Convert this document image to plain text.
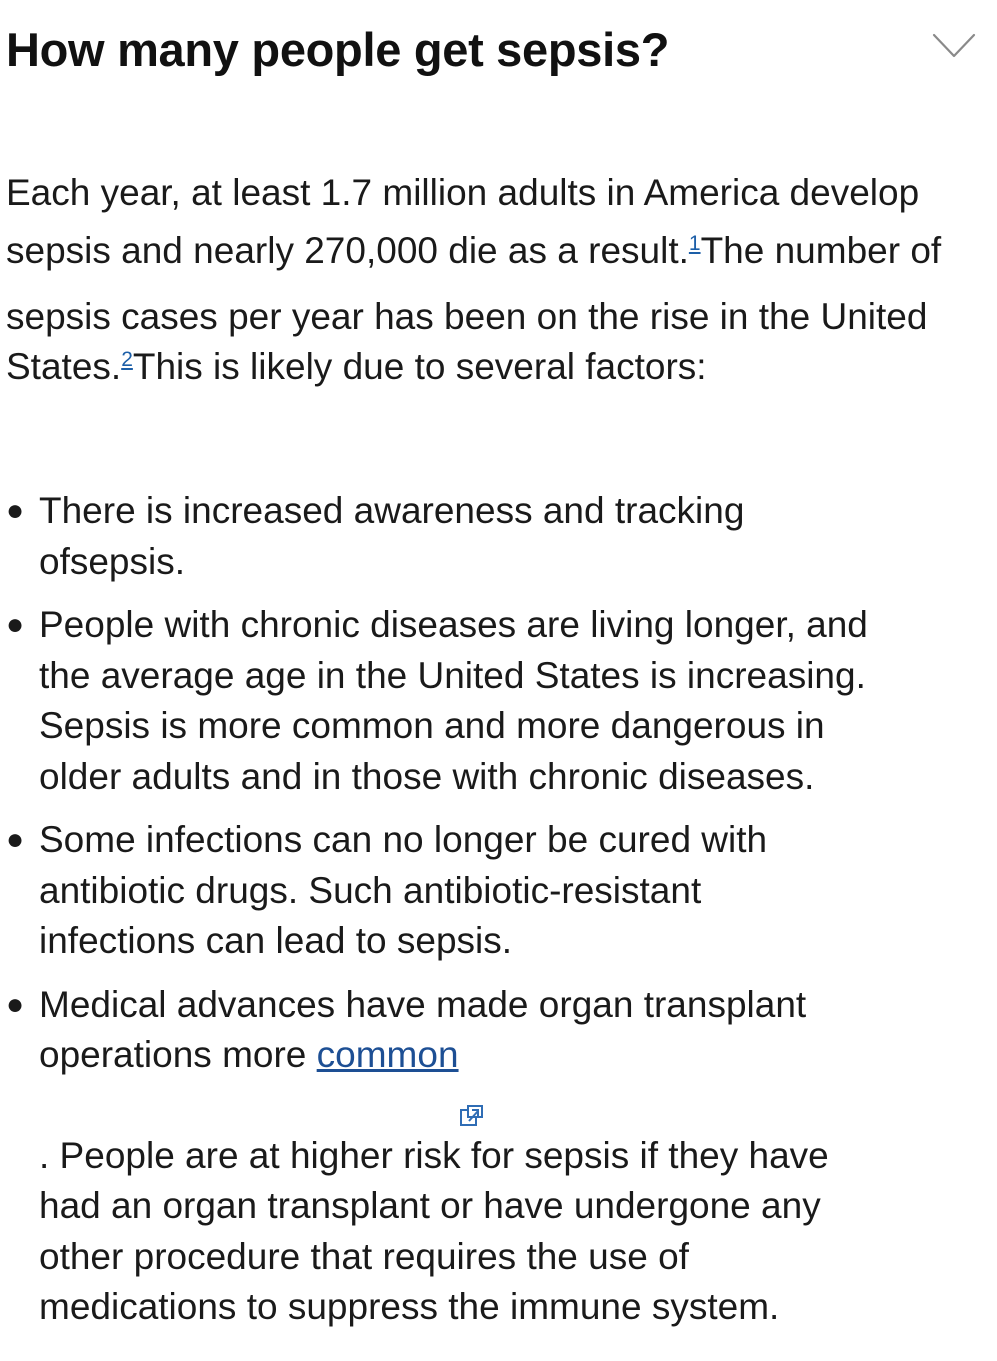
How many people get sepsis?

Each year, at least 1.7 million adults in America develop
sepsis and nearly 270,000 die as a result.$^1$The number of
sepsis cases per year has been on the rise in the United
States.$^2$This is likely due to several factors:

● There is increased awareness and tracking
ofsepsis.
● People with chronic diseases are living longer, and
the average age in the United States is increasing.
Sepsis is more common and more dangerous in
older adults and in those with chronic diseases.
● Some infections can no longer be cured with
antibiotic drugs. Such antibiotic-resistant
infections can lead to sepsis.
● Medical advances have made organ transplant
operations more common
. People are at higher risk for sepsis if they have
had an organ transplant or have undergone any
other procedure that requires the use of
medications to suppress the immune system.
